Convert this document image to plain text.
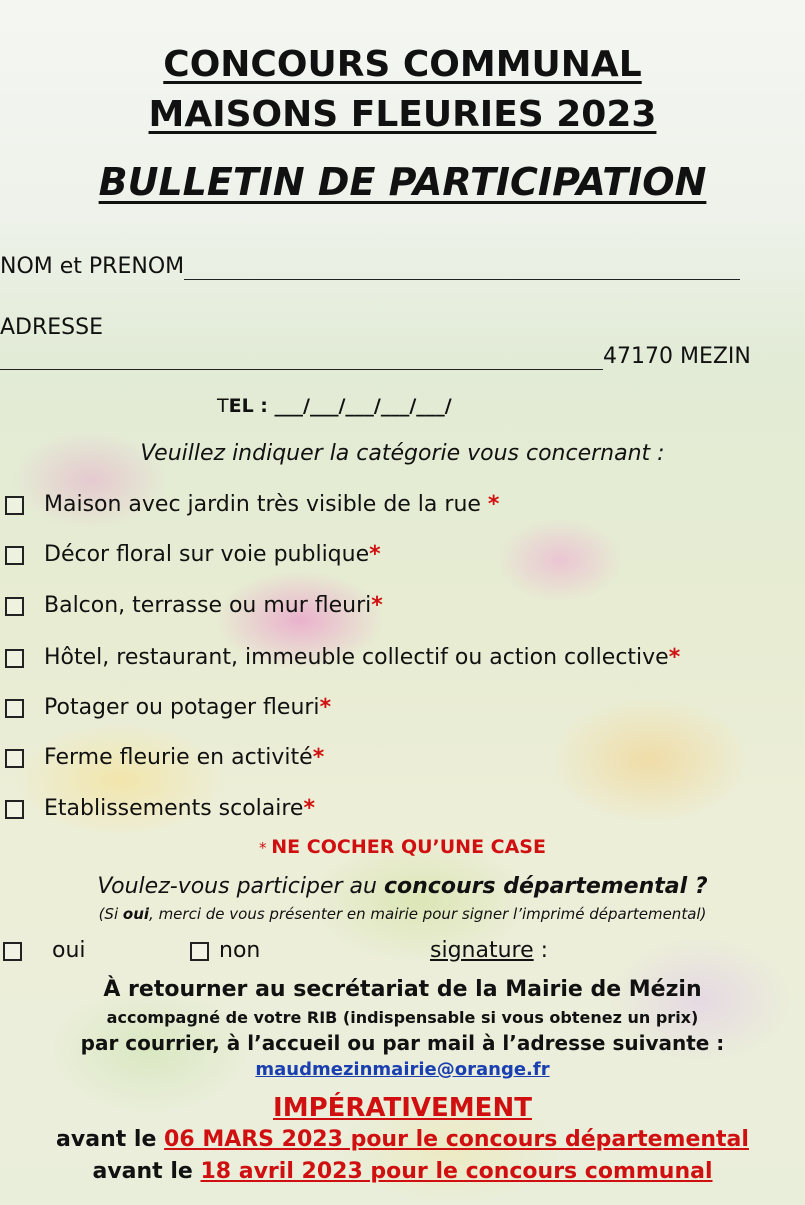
CONCOURS COMMUNAL
MAISONS FLEURIES 2023
BULLETIN DE PARTICIPATION
NOM et PRENOM
ADRESSE
47170 MEZIN
TEL : ___/___/___/___/___/
Veuillez indiquer la catégorie vous concernant :
Maison avec jardin très visible de la rue *
Décor floral sur voie publique*
Balcon, terrasse ou mur fleuri*
Hôtel, restaurant, immeuble collectif ou action collective*
Potager ou potager fleuri*
Ferme fleurie en activité*
Etablissements scolaire*
* NE COCHER QU’UNE CASE
Voulez-vous participer au concours départemental ?
(Si oui, merci de vous présenter en mairie pour signer l’imprimé départemental)
oui	non	signature :
À retourner au secrétariat de la Mairie de Mézin
accompagné de votre RIB (indispensable si vous obtenez un prix)
par courrier, à l’accueil ou par mail à l’adresse suivante :
maudmezinmairie@orange.fr
IMPÉRATIVEMENT
avant le 06 MARS 2023 pour le concours départemental
avant le 18 avril 2023 pour le concours communal
